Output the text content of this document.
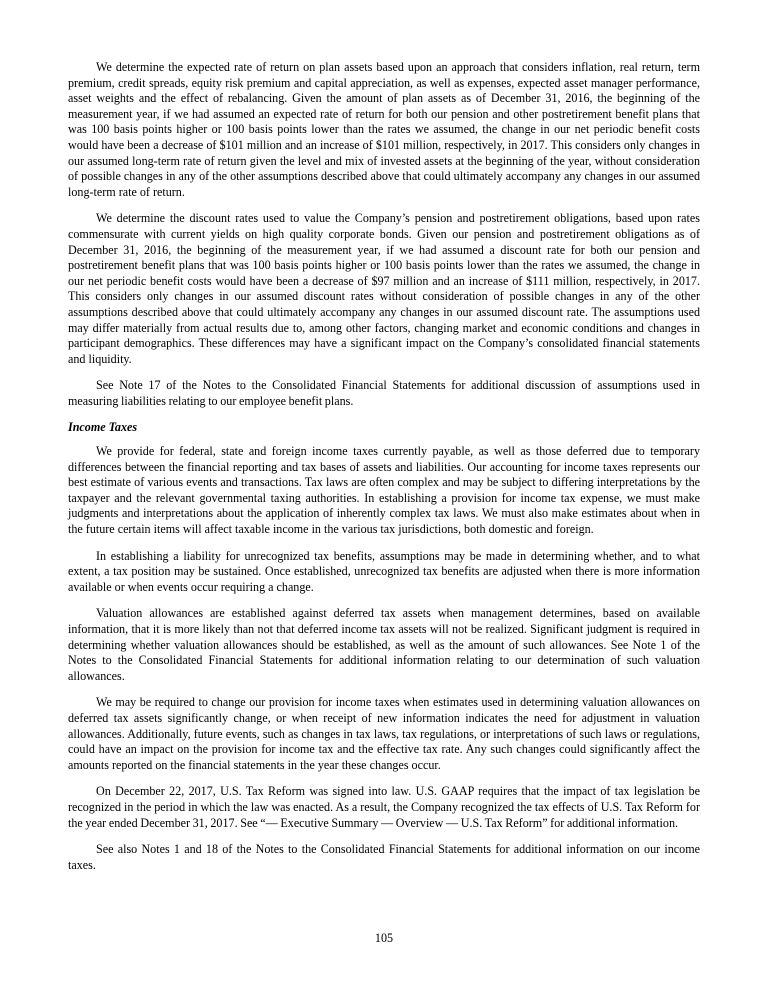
We determine the expected rate of return on plan assets based upon an approach that considers inflation, real return, term premium, credit spreads, equity risk premium and capital appreciation, as well as expenses, expected asset manager performance, asset weights and the effect of rebalancing. Given the amount of plan assets as of December 31, 2016, the beginning of the measurement year, if we had assumed an expected rate of return for both our pension and other postretirement benefit plans that was 100 basis points higher or 100 basis points lower than the rates we assumed, the change in our net periodic benefit costs would have been a decrease of $101 million and an increase of $101 million, respectively, in 2017. This considers only changes in our assumed long-term rate of return given the level and mix of invested assets at the beginning of the year, without consideration of possible changes in any of the other assumptions described above that could ultimately accompany any changes in our assumed long-term rate of return.

We determine the discount rates used to value the Company’s pension and postretirement obligations, based upon rates commensurate with current yields on high quality corporate bonds. Given our pension and postretirement obligations as of December 31, 2016, the beginning of the measurement year, if we had assumed a discount rate for both our pension and postretirement benefit plans that was 100 basis points higher or 100 basis points lower than the rates we assumed, the change in our net periodic benefit costs would have been a decrease of $97 million and an increase of $111 million, respectively, in 2017. This considers only changes in our assumed discount rates without consideration of possible changes in any of the other assumptions described above that could ultimately accompany any changes in our assumed discount rate. The assumptions used may differ materially from actual results due to, among other factors, changing market and economic conditions and changes in participant demographics. These differences may have a significant impact on the Company’s consolidated financial statements and liquidity.

See Note 17 of the Notes to the Consolidated Financial Statements for additional discussion of assumptions used in measuring liabilities relating to our employee benefit plans.

Income Taxes

We provide for federal, state and foreign income taxes currently payable, as well as those deferred due to temporary differences between the financial reporting and tax bases of assets and liabilities. Our accounting for income taxes represents our best estimate of various events and transactions. Tax laws are often complex and may be subject to differing interpretations by the taxpayer and the relevant governmental taxing authorities. In establishing a provision for income tax expense, we must make judgments and interpretations about the application of inherently complex tax laws. We must also make estimates about when in the future certain items will affect taxable income in the various tax jurisdictions, both domestic and foreign.

In establishing a liability for unrecognized tax benefits, assumptions may be made in determining whether, and to what extent, a tax position may be sustained. Once established, unrecognized tax benefits are adjusted when there is more information available or when events occur requiring a change.

Valuation allowances are established against deferred tax assets when management determines, based on available information, that it is more likely than not that deferred income tax assets will not be realized. Significant judgment is required in determining whether valuation allowances should be established, as well as the amount of such allowances. See Note 1 of the Notes to the Consolidated Financial Statements for additional information relating to our determination of such valuation allowances.

We may be required to change our provision for income taxes when estimates used in determining valuation allowances on deferred tax assets significantly change, or when receipt of new information indicates the need for adjustment in valuation allowances. Additionally, future events, such as changes in tax laws, tax regulations, or interpretations of such laws or regulations, could have an impact on the provision for income tax and the effective tax rate. Any such changes could significantly affect the amounts reported on the financial statements in the year these changes occur.

On December 22, 2017, U.S. Tax Reform was signed into law. U.S. GAAP requires that the impact of tax legislation be recognized in the period in which the law was enacted. As a result, the Company recognized the tax effects of U.S. Tax Reform for the year ended December 31, 2017. See “— Executive Summary — Overview — U.S. Tax Reform” for additional information.

See also Notes 1 and 18 of the Notes to the Consolidated Financial Statements for additional information on our income taxes.

105
